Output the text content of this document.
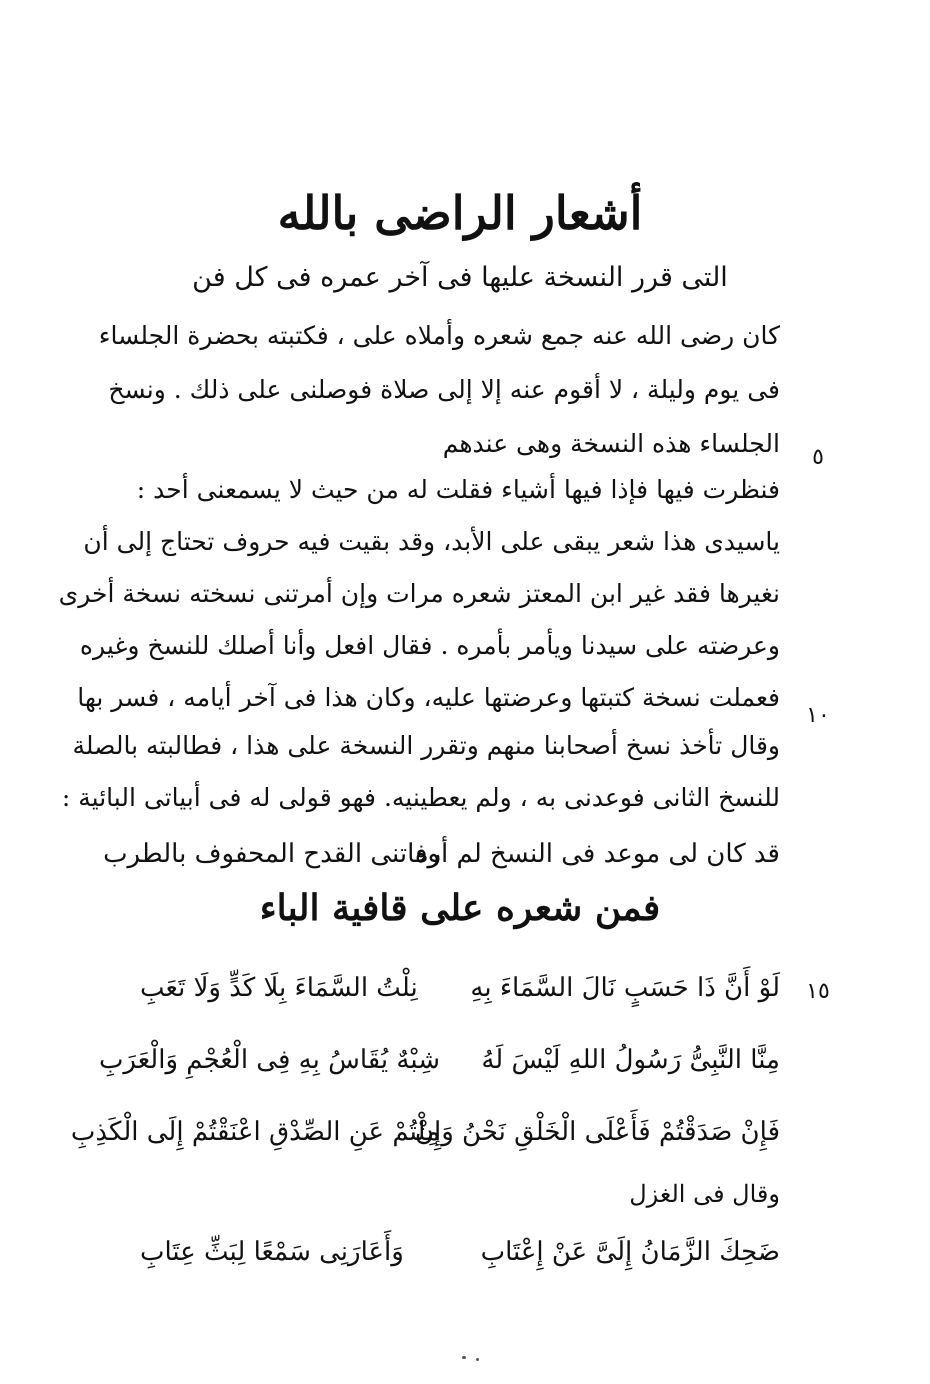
أشعار الراضى بالله
التى قرر النسخة عليها فى آخر عمره فى كل فن
كان رضى الله عنه جمع شعره وأملاه على ، فكتبته بحضرة الجلساء
فى يوم وليلة ، لا أقوم عنه إلا إلى صلاة فوصلنى على ذلك . ونسخ
الجلساء هذه النسخة وهى عندهم	٥
فنظرت فيها فإذا فيها أشياء فقلت له من حيث لا يسمعنى أحد :
ياسيدى هذا شعر يبقى على الأبد، وقد بقيت فيه حروف تحتاج إلى أن
نغيرها فقد غير ابن المعتز شعره مرات وإن أمرتنى نسخته نسخة أخرى
وعرضته على سيدنا ويأمر بأمره . فقال افعل وأنا أصلك للنسخ وغيره
فعملت نسخة كتبتها وعرضتها عليه، وكان هذا فى آخر أيامه ، فسر بها
١٠
وقال تأخذ نسخ أصحابنا منهم وتقرر النسخة على هذا ، فطالبته بالصلة
للنسخ الثانى فوعدنى به ، ولم يعطينيه. فهو قولى له فى أبياتى البائية :
قد كان لى موعد فى النسخ لم أره
وفاتنى القدح المحفوف بالطرب
فمن شعره على قافية الباء
١٥
لَوْ أَنَّ ذَا حَسَبٍ نَالَ السَّمَاءَ بِهِ
نِلْتُ السَّمَاءَ بِلَا كَدٍّ وَلَا تَعَبِ
مِنَّا النَّبِىُّ رَسُولُ اللهِ لَيْسَ لَهُ
شِبْهٌ يُقَاسُ بِهِ فِى الْعُجْمِ وَالْعَرَبِ
فَإِنْ صَدَقْتُمْ فَأَعْلَى الْخَلْقِ نَحْنُ وَإِنْ
مِلْتُمْ عَنِ الصِّدْقِ اعْنَقْتُمْ إِلَى الْكَذِبِ
وقال فى الغزل
ضَحِكَ الزَّمَانُ إِلَىَّ عَنْ إِعْتَابِ
وَأَعَارَنِى سَمْعًا لِبَثِّ عِتَابِ
